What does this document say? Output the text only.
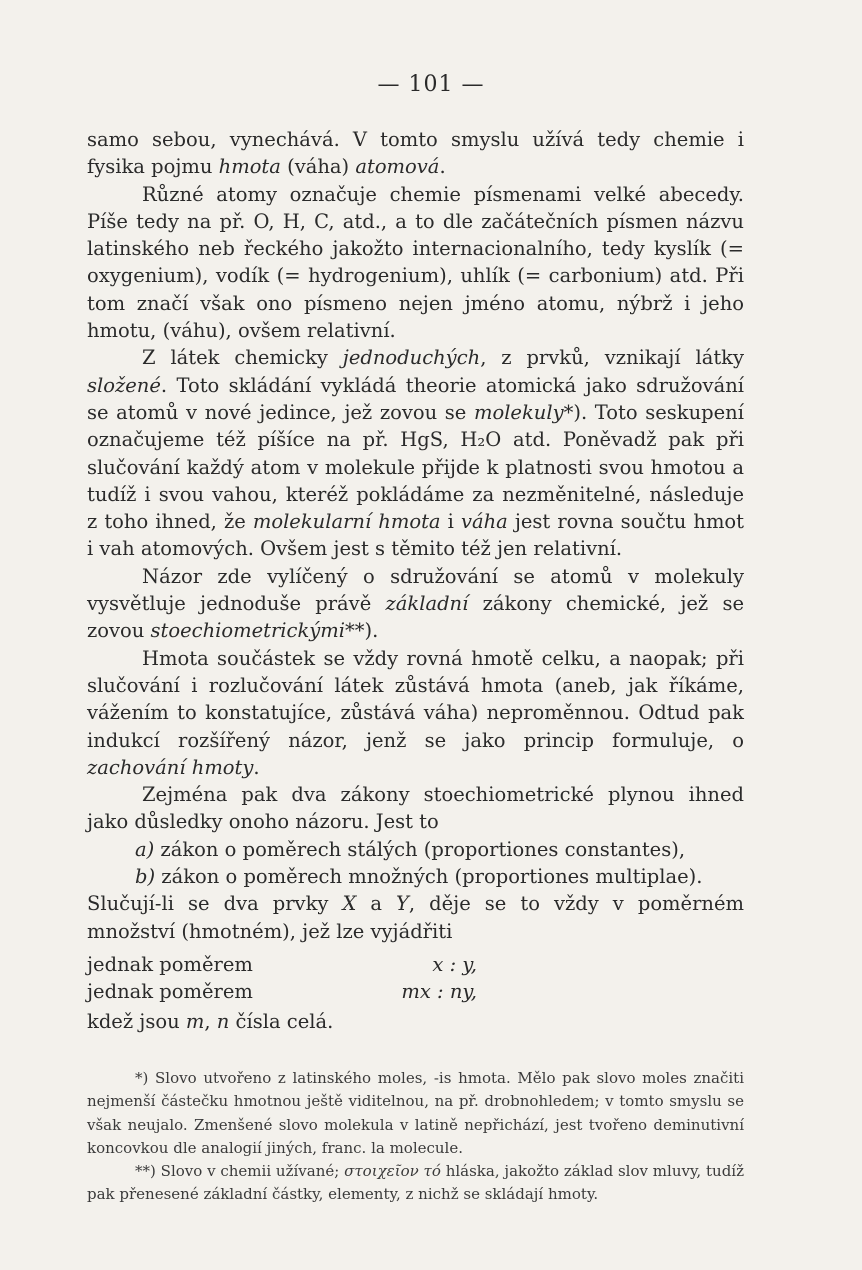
— 101 —

samo sebou, vynechává. V tomto smyslu užívá tedy chemie i fysika pojmu hmota (váha) atomová.

Různé atomy označuje chemie písmenami velké abecedy. Píše tedy na př. O, H, C, atd., a to dle začátečních písmen názvu latinského neb řeckého jakožto internacionalního, tedy kyslík (= oxygenium), vodík (= hydrogenium), uhlík (= carbonium) atd. Při tom značí však ono písmeno nejen jméno atomu, nýbrž i jeho hmotu, (váhu), ovšem relativní.

Z látek chemicky jednoduchých, z prvků, vznikají látky složené. Toto skládání vykládá theorie atomická jako sdružování se atomů v nové jedince, jež zovou se molekuly*). Toto seskupení označujeme též píšíce na př. HgS, H₂O atd. Poněvadž pak při slučování každý atom v molekule přijde k platnosti svou hmotou a tudíž i svou vahou, kteréž pokládáme za nezměnitelné, následuje z toho ihned, že molekularní hmota i váha jest rovna součtu hmot i vah atomových. Ovšem jest s těmito též jen relativní.

Názor zde vylíčený o sdružování se atomů v molekuly vysvětluje jednoduše právě základní zákony chemické, jež se zovou stoechiometrickými**).

Hmota součástek se vždy rovná hmotě celku, a naopak; při slučování i rozlučování látek zůstává hmota (aneb, jak říkáme, vážením to konstatujíce, zůstává váha) neproměnnou. Odtud pak indukcí rozšířený názor, jenž se jako princip formuluje, o zachování hmoty.

Zejména pak dva zákony stoechiometrické plynou ihned jako důsledky onoho názoru. Jest to

a) zákon o poměrech stálých (proportiones constantes),

b) zákon o poměrech množných (proportiones multiplae).

Slučují-li se dva prvky X a Y, děje se to vždy v poměrném množství (hmotném), jež lze vyjádřiti

jednak poměrem	x : y,
jednak poměrem	mx : ny,

kdež jsou m, n čísla celá.

*) Slovo utvořeno z latinského moles, -is hmota. Mělo pak slovo moles značiti nejmenší částečku hmotnou ještě viditelnou, na př. drobnohledem; v tomto smyslu se však neujalo. Zmenšené slovo molekula v latině nepřichází, jest tvořeno deminutivní koncovkou dle analogií jiných, franc. la molecule.

**) Slovo v chemii užívané; στοιχεῖον τό hláska, jakožto základ slov mluvy, tudíž pak přenesené základní částky, elementy, z nichž se skládají hmoty.
